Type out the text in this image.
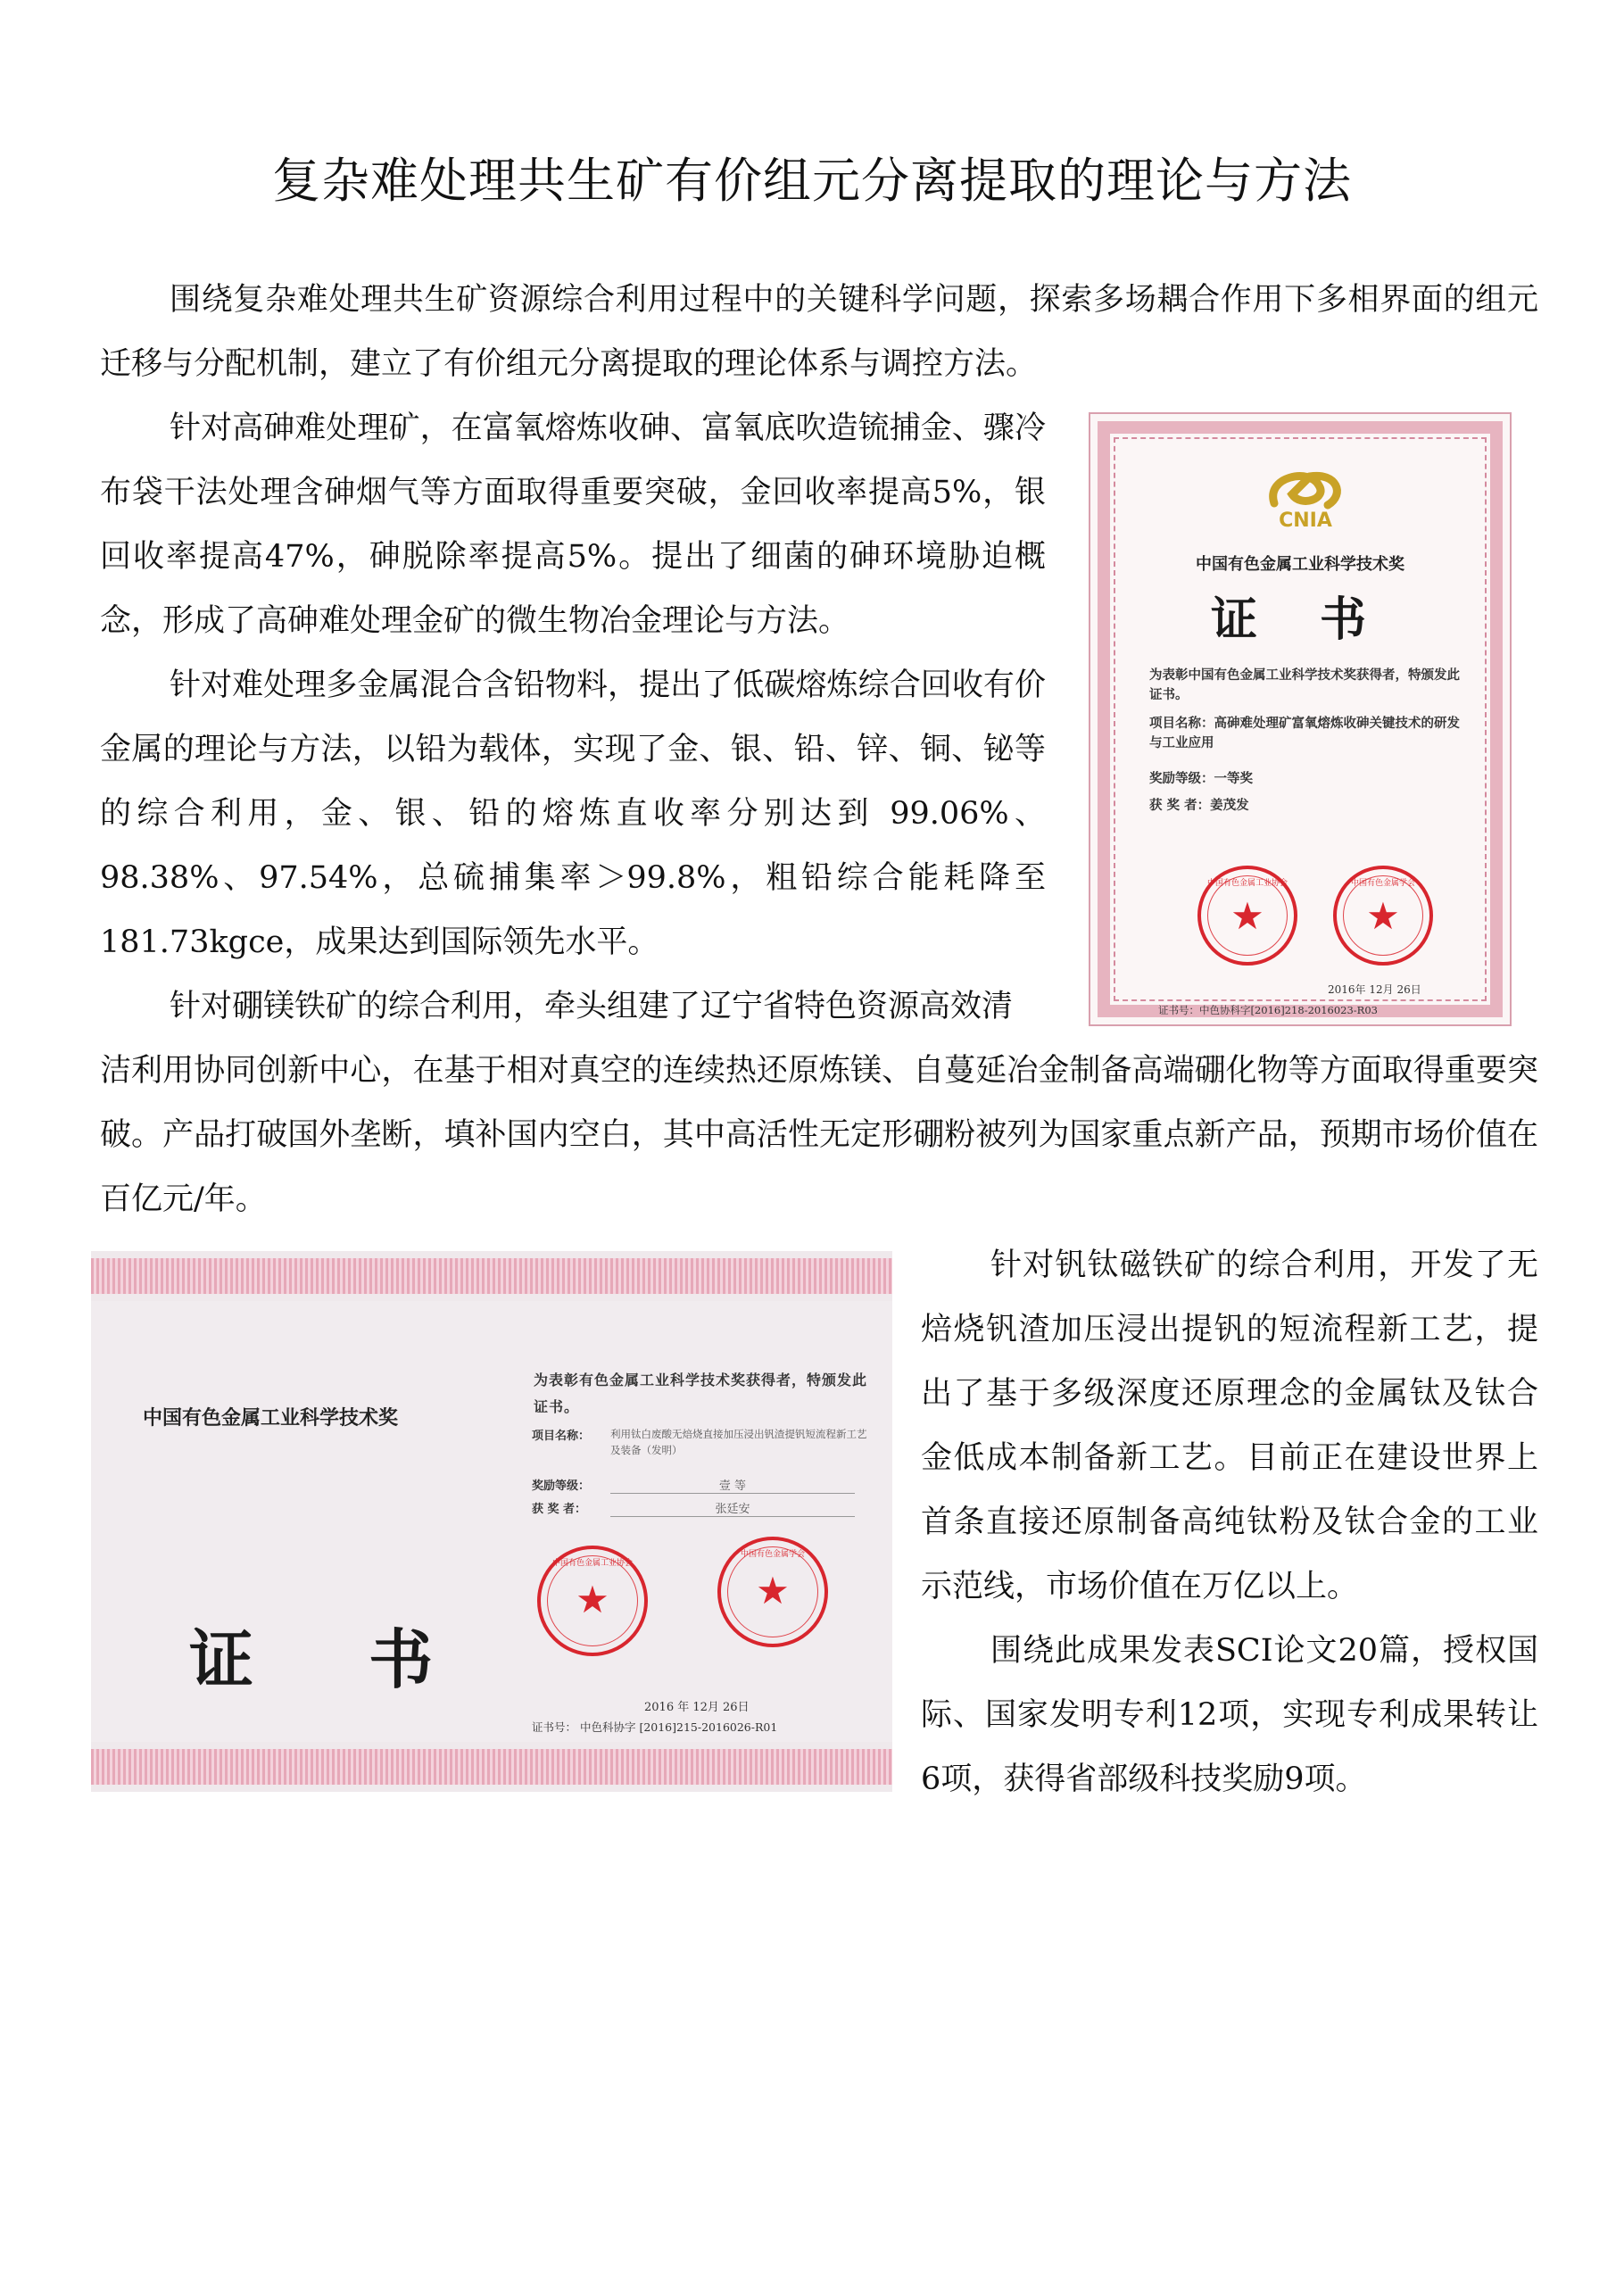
复杂难处理共生矿有价组元分离提取的理论与方法

围绕复杂难处理共生矿资源综合利用过程中的关键科学问题，探索多场耦合作用下多相界面的组元迁移与分配机制，建立了有价组元分离提取的理论体系与调控方法。

针对高砷难处理矿，在富氧熔炼收砷、富氧底吹造锍捕金、骤冷布袋干法处理含砷烟气等方面取得重要突破，金回收率提高5%，银回收率提高47%，砷脱除率提高5%。提出了细菌的砷环境胁迫概念，形成了高砷难处理金矿的微生物冶金理论与方法。

针对难处理多金属混合含铅物料，提出了低碳熔炼综合回收有价金属的理论与方法，以铅为载体，实现了金、银、铅、锌、铜、铋等的综合利用，金、银、铅的熔炼直收率分别达到 99.06%、98.38%、97.54%，总硫捕集率＞99.8%，粗铅综合能耗降至181.73kgce，成果达到国际领先水平。

针对硼镁铁矿的综合利用，牵头组建了辽宁省特色资源高效清

洁利用协同创新中心，在基于相对真空的连续热还原炼镁、自蔓延冶金制备高端硼化物等方面取得重要突破。产品打破国外垄断，填补国内空白，其中高活性无定形硼粉被列为国家重点新产品，预期市场价值在百亿元/年。

针对钒钛磁铁矿的综合利用，开发了无焙烧钒渣加压浸出提钒的短流程新工艺，提出了基于多级深度还原理念的金属钛及钛合金低成本制备新工艺。目前正在建设世界上首条直接还原制备高纯钛粉及钛合金的工业示范线，市场价值在万亿以上。

围绕此成果发表SCI论文20篇，授权国际、国家发明专利12项，实现专利成果转让6项，获得省部级科技奖励9项。

CNIA
中国有色金属工业科学技术奖
证 书
为表彰中国有色金属工业科学技术奖获得者，特颁发此证书。
项目名称：高砷难处理矿富氧熔炼收砷关键技术的研发与工业应用
奖励等级：一等奖
获 奖 者：姜茂发
★
中国有色金属工业协会
★
中国有色金属学会
2016年 12月 26日
证书号：中色协科字[2016]218-2016023-R03
中国有色金属工业科学技术奖
证 书
为表彰有色金属工业科学技术奖获得者，特颁发此证书。
项目名称： 利用钛白废酸无焙烧直接加压浸出钒渣提钒短流程新工艺及装备（发明）
奖励等级：	壹 等
获 奖 者：	张廷安
★
中国有色金属工业协会
★
中国有色金属学会
2016 年 12月 26日
证书号： 中色科协字 [2016]215-2016026-R01
